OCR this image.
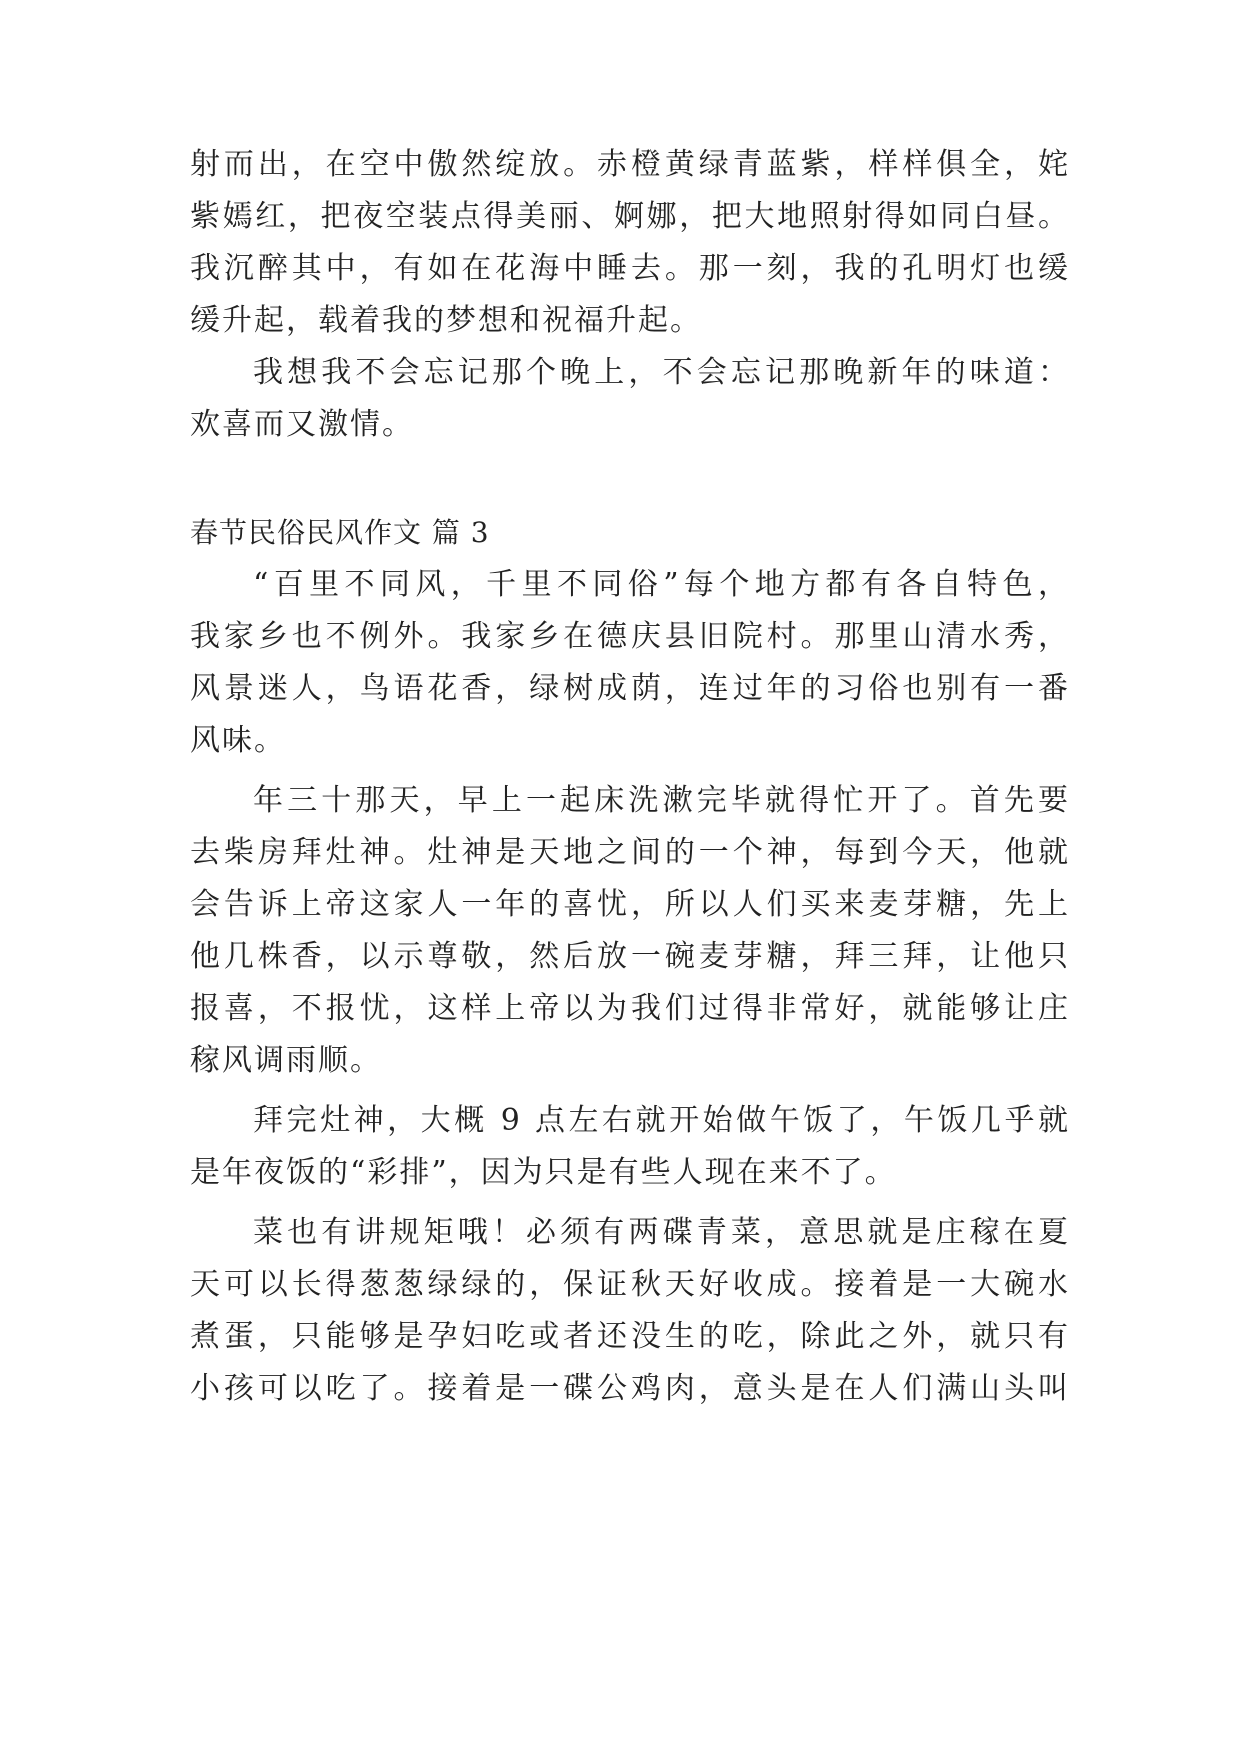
射而出，在空中傲然绽放。赤橙黄绿青蓝紫，样样俱全，姹
紫嫣红，把夜空装点得美丽、婀娜，把大地照射得如同白昼。
我沉醉其中，有如在花海中睡去。那一刻，我的孔明灯也缓
缓升起，载着我的梦想和祝福升起。
我想我不会忘记那个晚上，不会忘记那晚新年的味道：
欢喜而又激情。
春节民俗民风作文 篇 3
“百里不同风，千里不同俗”每个地方都有各自特色，
我家乡也不例外。我家乡在德庆县旧院村。那里山清水秀，
风景迷人，鸟语花香，绿树成荫，连过年的习俗也别有一番
风味。
年三十那天，早上一起床洗漱完毕就得忙开了。首先要
去柴房拜灶神。灶神是天地之间的一个神，每到今天，他就
会告诉上帝这家人一年的喜忧，所以人们买来麦芽糖，先上
他几株香，以示尊敬，然后放一碗麦芽糖，拜三拜，让他只
报喜，不报忧，这样上帝以为我们过得非常好，就能够让庄
稼风调雨顺。
拜完灶神，大概 9 点左右就开始做午饭了，午饭几乎就
是年夜饭的“彩排”，因为只是有些人现在来不了。
菜也有讲规矩哦！必须有两碟青菜，意思就是庄稼在夏
天可以长得葱葱绿绿的，保证秋天好收成。接着是一大碗水
煮蛋，只能够是孕妇吃或者还没生的吃，除此之外，就只有
小孩可以吃了。接着是一碟公鸡肉，意头是在人们满山头叫
